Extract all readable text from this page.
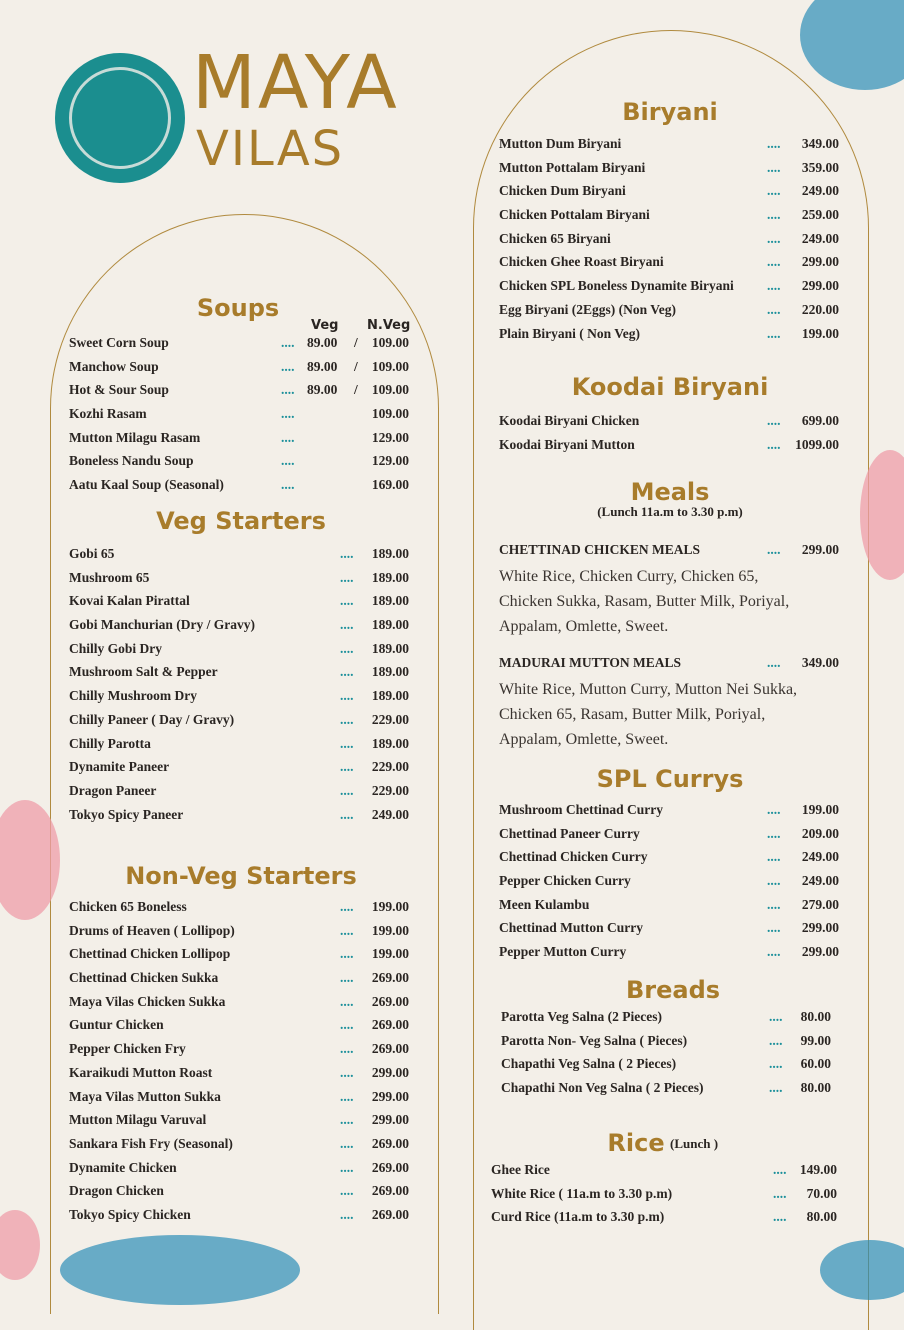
MAYA
VILAS
Soups
Veg N.Veg
Sweet Corn Soup	.... 89.00 / 109.00
Manchow Soup	.... 89.00 / 109.00
Hot & Sour Soup	.... 89.00 / 109.00
Kozhi Rasam	....	109.00
Mutton Milagu Rasam	....	129.00
Boneless Nandu Soup	....	129.00
Aatu Kaal Soup (Seasonal)	....	169.00
Veg Starters
Gobi 65	.... 189.00
Mushroom 65	.... 189.00
Kovai Kalan Pirattal	.... 189.00
Gobi Manchurian (Dry / Gravy)	.... 189.00
Chilly Gobi Dry	.... 189.00
Mushroom Salt & Pepper	.... 189.00
Chilly Mushroom Dry	.... 189.00
Chilly Paneer ( Day / Gravy)	.... 229.00
Chilly Parotta	.... 189.00
Dynamite Paneer	.... 229.00
Dragon Paneer	.... 229.00
Tokyo Spicy Paneer	.... 249.00
Non-Veg Starters
Chicken 65 Boneless	.... 199.00
Drums of Heaven ( Lollipop)	.... 199.00
Chettinad Chicken Lollipop	.... 199.00
Chettinad Chicken Sukka	.... 269.00
Maya Vilas Chicken Sukka	.... 269.00
Guntur Chicken	.... 269.00
Pepper Chicken Fry	.... 269.00
Karaikudi Mutton Roast	.... 299.00
Maya Vilas Mutton Sukka	.... 299.00
Mutton Milagu Varuval	.... 299.00
Sankara Fish Fry (Seasonal)	.... 269.00
Dynamite Chicken	.... 269.00
Dragon Chicken	.... 269.00
Tokyo Spicy Chicken	.... 269.00
Biryani
Mutton Dum Biryani	.... 349.00
Mutton Pottalam Biryani	.... 359.00
Chicken Dum Biryani	.... 249.00
Chicken Pottalam Biryani	.... 259.00
Chicken 65 Biryani	.... 249.00
Chicken Ghee Roast Biryani	.... 299.00
Chicken SPL Boneless Dynamite Biryani .... 299.00
Egg Biryani (2Eggs) (Non Veg)	.... 220.00
Plain Biryani ( Non Veg)	.... 199.00
Koodai Biryani
Koodai Biryani Chicken	.... 699.00
Koodai Biryani Mutton	.... 1099.00
Meals
(Lunch 11a.m to 3.30 p.m)
CHETTINAD CHICKEN MEALS	.... 299.00
White Rice, Chicken Curry, Chicken 65,
Chicken Sukka, Rasam, Butter Milk, Poriyal,
Appalam, Omlette, Sweet.
MADURAI MUTTON MEALS	.... 349.00
White Rice, Mutton Curry, Mutton Nei Sukka,
Chicken 65, Rasam, Butter Milk, Poriyal,
Appalam, Omlette, Sweet.
SPL Currys
Mushroom Chettinad Curry	.... 199.00
Chettinad Paneer Curry	.... 209.00
Chettinad Chicken Curry	.... 249.00
Pepper Chicken Curry	.... 249.00
Meen Kulambu	.... 279.00
Chettinad Mutton Curry	.... 299.00
Pepper Mutton Curry	.... 299.00
Breads
Parotta Veg Salna (2 Pieces)	.... 80.00
Parotta Non- Veg Salna ( Pieces)	.... 99.00
Chapathi Veg Salna ( 2 Pieces)	.... 60.00
Chapathi Non Veg Salna ( 2 Pieces)	.... 80.00
Rice (Lunch )
Ghee Rice	.... 149.00
White Rice ( 11a.m to 3.30 p.m)	.... 70.00
Curd Rice (11a.m to 3.30 p.m)	.... 80.00
